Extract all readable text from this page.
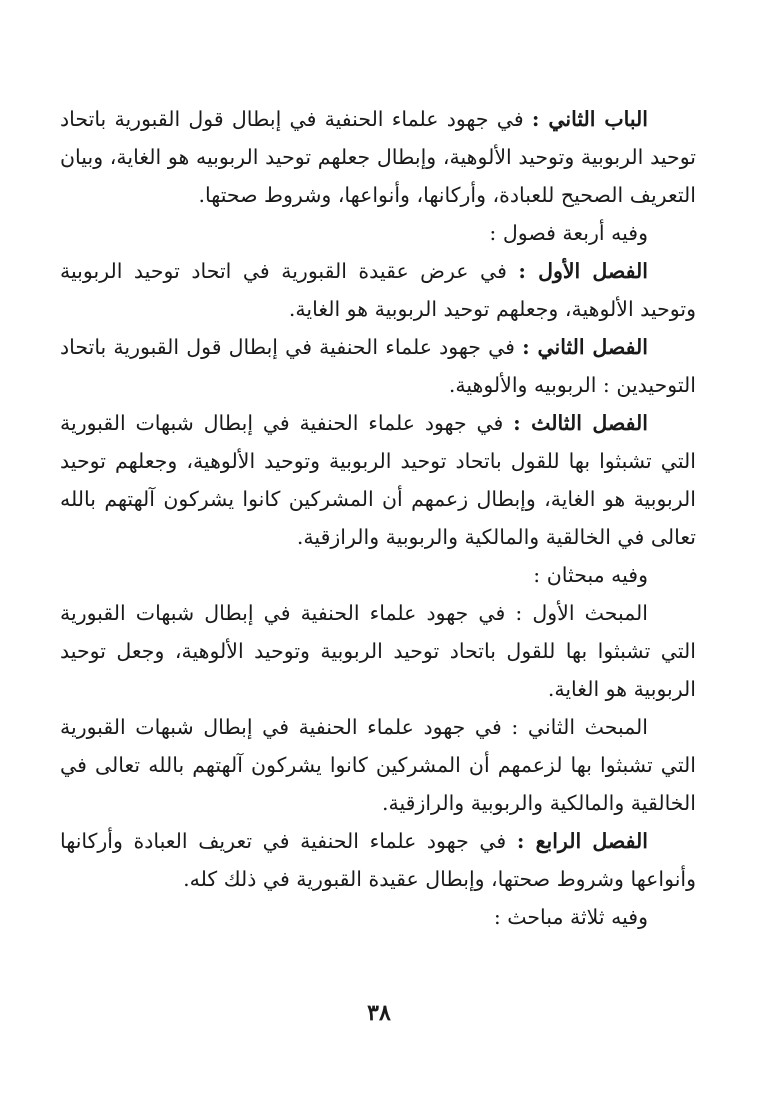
الباب الثاني : في جهود علماء الحنفية في إبطال قول القبورية باتحاد توحيد الربوبية وتوحيد الألوهية، وإبطال جعلهم توحيد الربوبيه هو الغاية، وبيان التعريف الصحيح للعبادة، وأركانها، وأنواعها، وشروط صحتها.

وفيه أربعة فصول :

الفصل الأول : في عرض عقيدة القبورية في اتحاد توحيد الربوبية وتوحيد الألوهية، وجعلهم توحيد الربوبية هو الغاية.

الفصل الثاني : في جهود علماء الحنفية في إبطال قول القبورية باتحاد التوحيدين : الربوبيه والألوهية.

الفصل الثالث : في جهود علماء الحنفية في إبطال شبهات القبورية التي تشبثوا بها للقول باتحاد توحيد الربوبية وتوحيد الألوهية، وجعلهم توحيد الربوبية هو الغاية، وإبطال زعمهم أن المشركين كانوا يشركون آلهتهم بالله تعالى في الخالقية والمالكية والربوبية والرازقية.

وفيه مبحثان :

المبحث الأول : في جهود علماء الحنفية في إبطال شبهات القبورية التي تشبثوا بها للقول باتحاد توحيد الربوبية وتوحيد الألوهية، وجعل توحيد الربوبية هو الغاية.

المبحث الثاني : في جهود علماء الحنفية في إبطال شبهات القبورية التي تشبثوا بها لزعمهم أن المشركين كانوا يشركون آلهتهم بالله تعالى في الخالقية والمالكية والربوبية والرازقية.

الفصل الرابع : في جهود علماء الحنفية في تعريف العبادة وأركانها وأنواعها وشروط صحتها، وإبطال عقيدة القبورية في ذلك كله.

وفيه ثلاثة مباحث :

٣٨
